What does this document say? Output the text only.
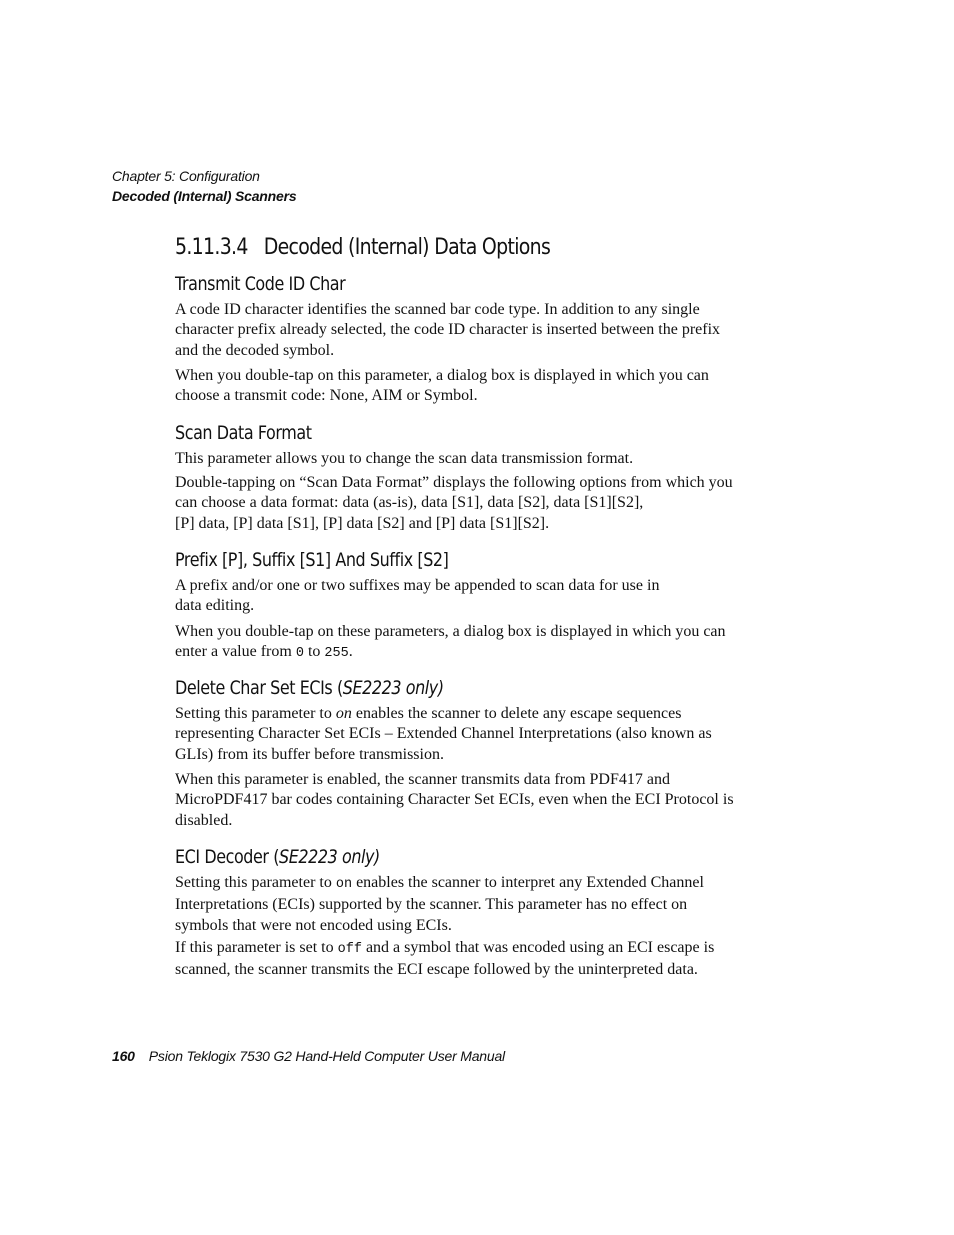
Chapter 5: Configuration
Decoded (Internal) Scanners
5.11.3.4   Decoded (Internal) Data Options
Transmit Code ID Char

A code ID character identifies the scanned bar code type. In addition to any single character prefix already selected, the code ID character is inserted between the prefix and the decoded symbol.

When you double-tap on this parameter, a dialog box is displayed in which you can choose a transmit code: None, AIM or Symbol.

Scan Data Format

This parameter allows you to change the scan data transmission format.

Double-tapping on “Scan Data Format” displays the following options from which you can choose a data format: data (as-is), data [S1], data [S2], data [S1][S2],
[P] data, [P] data [S1], [P] data [S2] and [P] data [S1][S2].

Prefix [P], Suffix [S1] And Suffix [S2]

A prefix and/or one or two suffixes may be appended to scan data for use in
data editing.

When you double-tap on these parameters, a dialog box is displayed in which you can enter a value from 0 to 255.

Delete Char Set ECIs (SE2223 only)

Setting this parameter to on enables the scanner to delete any escape sequences representing Character Set ECIs – Extended Channel Interpretations (also known as GLIs) from its buffer before transmission.

When this parameter is enabled, the scanner transmits data from PDF417 and MicroPDF417 bar codes containing Character Set ECIs, even when the ECI Protocol is disabled.

ECI Decoder (SE2223 only)

Setting this parameter to on enables the scanner to interpret any Extended Channel Interpretations (ECIs) supported by the scanner. This parameter has no effect on symbols that were not encoded using ECIs.

If this parameter is set to off and a symbol that was encoded using an ECI escape is scanned, the scanner transmits the ECI escape followed by the uninterpreted data.

160 Psion Teklogix 7530 G2 Hand-Held Computer User Manual
